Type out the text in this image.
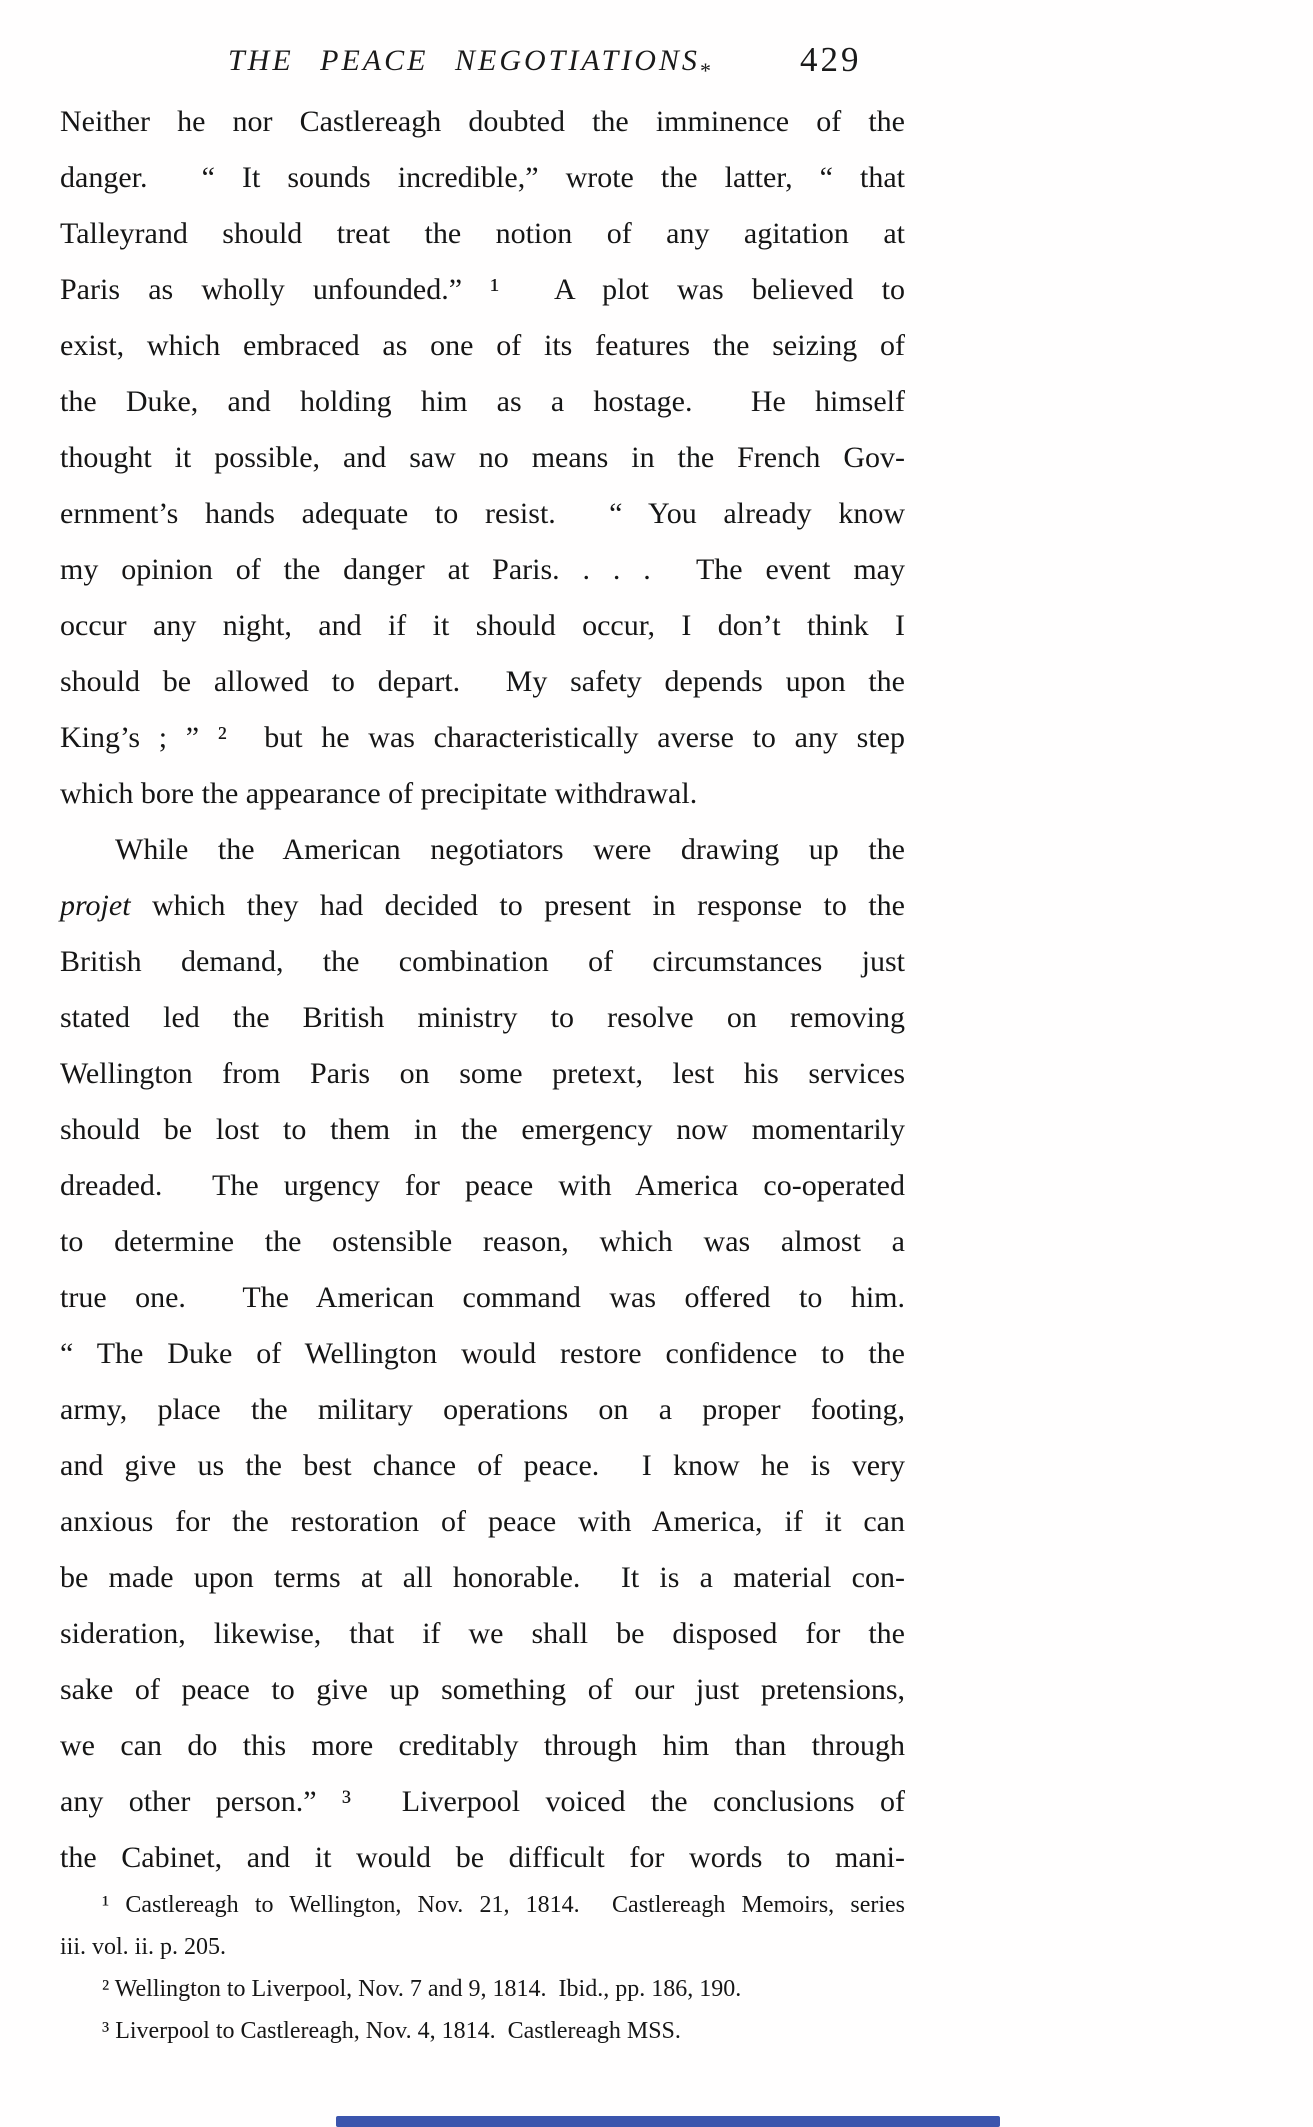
THE PEACE NEGOTIATIONS *	429
Neither he nor Castlereagh doubted the imminence of the
danger.  “ It sounds incredible,” wrote the latter, “ that
Talleyrand should treat the notion of any agitation at
Paris as wholly unfounded.” ¹  A plot was believed to
exist, which embraced as one of its features the seizing of
the Duke, and holding him as a hostage.  He himself
thought it possible, and saw no means in the French Gov-
ernment’s hands adequate to resist.  “ You already know
my opinion of the danger at Paris. . . .  The event may
occur any night, and if it should occur, I don’t think I
should be allowed to depart.  My safety depends upon the
King’s ; ” ²  but he was characteristically averse to any step
which bore the appearance of precipitate withdrawal.
While the American negotiators were drawing up the
projet which they had decided to present in response to the
British demand, the combination of circumstances just
stated led the British ministry to resolve on removing
Wellington from Paris on some pretext, lest his services
should be lost to them in the emergency now momentarily
dreaded.  The urgency for peace with America co-operated
to determine the ostensible reason, which was almost a
true one.  The American command was offered to him.
“ The Duke of Wellington would restore confidence to the
army, place the military operations on a proper footing,
and give us the best chance of peace.  I know he is very
anxious for the restoration of peace with America, if it can
be made upon terms at all honorable.  It is a material con-
sideration, likewise, that if we shall be disposed for the
sake of peace to give up something of our just pretensions,
we can do this more creditably through him than through
any other person.” ³  Liverpool voiced the conclusions of
the Cabinet, and it would be difficult for words to mani-
¹ Castlereagh to Wellington, Nov. 21, 1814.  Castlereagh Memoirs, series
iii. vol. ii. p. 205.
² Wellington to Liverpool, Nov. 7 and 9, 1814.  Ibid., pp. 186, 190.
³ Liverpool to Castlereagh, Nov. 4, 1814.  Castlereagh MSS.
